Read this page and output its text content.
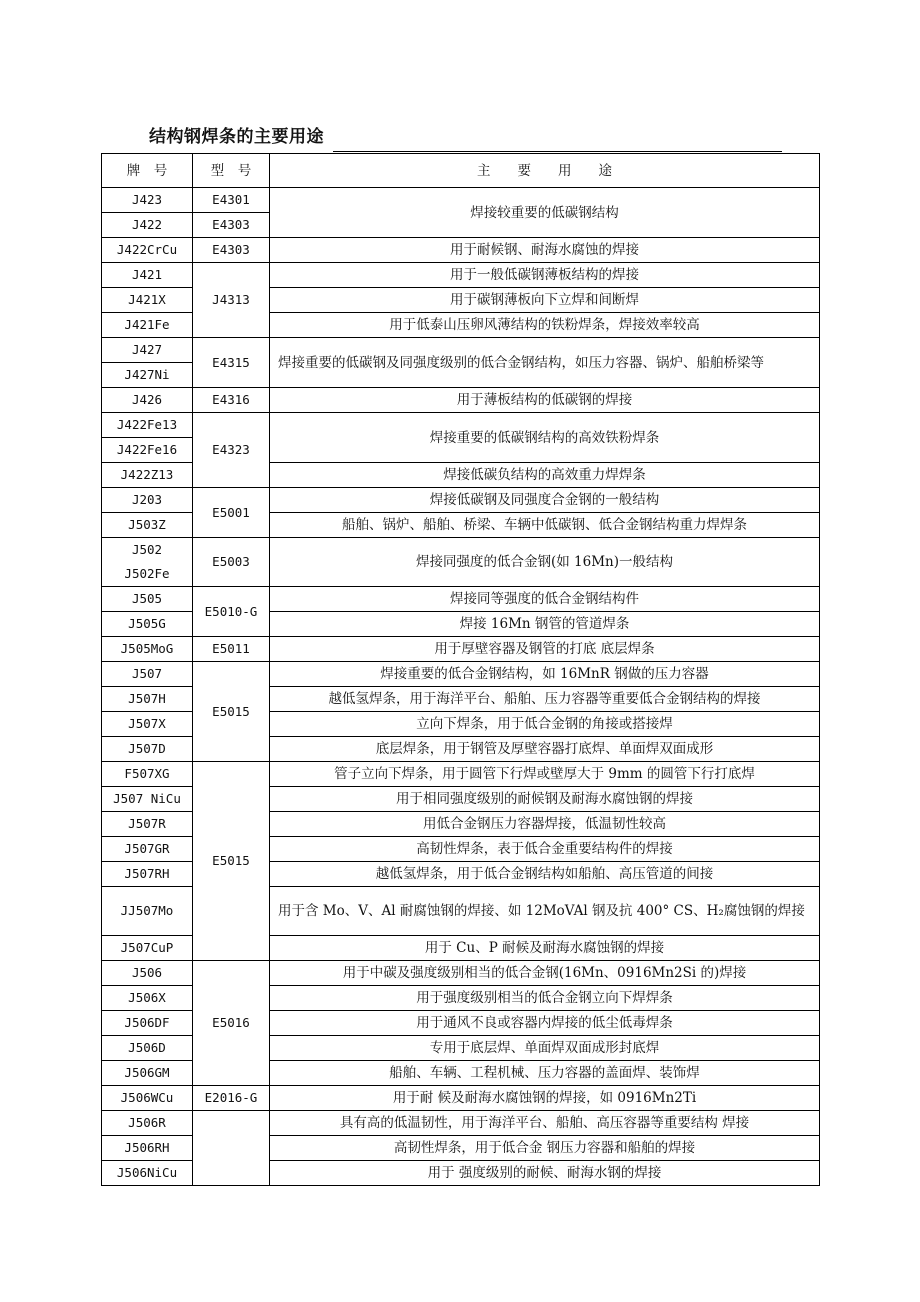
结构钢焊条的主要用途
牌　号	型　号	主　　要　　用　　途
J423	E4301	焊接较重要的低碳钢结构
J422	E4303	
J422CrCu	E4303	用于耐候钢、耐海水腐蚀的焊接
J421	J4313	用于一般低碳钢薄板结构的焊接
J421X		用于碳钢薄板向下立焊和间断焊
J421Fe		用于低泰山压卵风薄结构的铁粉焊条，焊接效率较高
J427	E4315	焊接重要的低碳钢及同强度级别的低合金钢结构，如压力容器、锅炉、船舶桥梁等
J427Ni		
J426	E4316	用于薄板结构的低碳钢的焊接
J422Fe13	E4323	焊接重要的低碳钢结构的高效铁粉焊条
J422Fe16		
J422Z13		焊接低碳负结构的高效重力焊焊条
J203	E5001	焊接低碳钢及同强度合金钢的一般结构
J503Z		船舶、锅炉、船舶、桥梁、车辆中低碳钢、低合金钢结构重力焊焊条

J502
J502Fe	E5003	焊接同强度的低合金钢(如 16Mn)一般结构
J505	E5010-G	焊接同等强度的低合金钢结构件
J505G		焊接 16Mn 钢管的管道焊条
J505MoG	E5011	用于厚壁容器及钢管的打底 底层焊条
J507	E5015	焊接重要的低合金钢结构，如 16MnR 钢做的压力容器
J507H		越低氢焊条，用于海洋平台、船舶、压力容器等重要低合金钢结构的焊接
J507X		立向下焊条，用于低合金钢的角接或搭接焊
J507D		底层焊条，用于钢管及厚壁容器打底焊、单面焊双面成形
F507XG	E5015	管子立向下焊条，用于圆管下行焊或壁厚大于 9mm 的圆管下行打底焊
J507 NiCu		用于相同强度级别的耐候钢及耐海水腐蚀钢的焊接
J507R		用低合金钢压力容器焊接，低温韧性较高
J507GR		高韧性焊条，表于低合金重要结构件的焊接
J507RH		越低氢焊条，用于低合金钢结构如船舶、高压管道的间接
JJ507Mo		用于含 Mo、V、Al 耐腐蚀钢的焊接、如 12MoVAl 钢及抗 400° CS、H₂腐蚀钢的焊接
J507CuP		用于 Cu、P 耐候及耐海水腐蚀钢的焊接
J506	E5016	用于中碳及强度级别相当的低合金钢(16Mn、0916Mn2Si 的)焊接
J506X		用于强度级别相当的低合金钢立向下焊焊条
J506DF		用于通风不良或容器内焊接的低尘低毒焊条
J506D		专用于底层焊、单面焊双面成形封底焊
J506GM		船舶、车辆、工程机械、压力容器的盖面焊、装饰焊
J506WCu	E2016-G	用于耐 候及耐海水腐蚀钢的焊接，如 0916Mn2Ti
J506R		具有高的低温韧性，用于海洋平台、船舶、高压容器等重要结构 焊接
J506RH		高韧性焊条，用于低合金 钢压力容器和船舶的焊接
J506NiCu		用于 强度级别的耐候、耐海水钢的焊接
